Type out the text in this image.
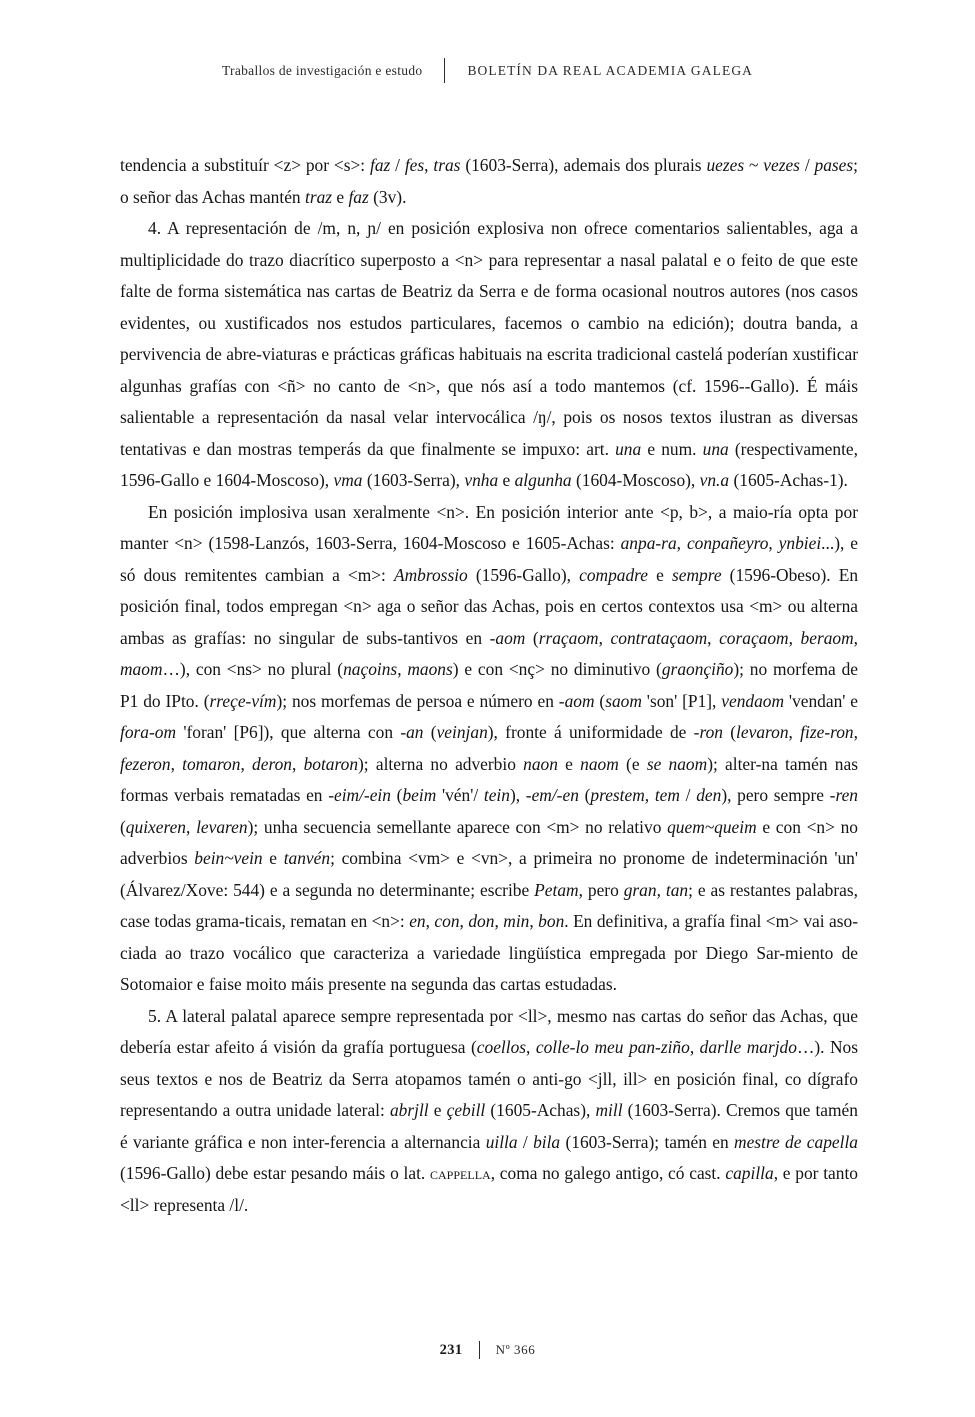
Traballos de investigación e estudo	BOLETÍN DA REAL ACADEMIA GALEGA

tendencia a substituír <z> por <s>: faz / fes, tras (1603-Serra), ademais dos plurais uezes ~ vezes / pases; o señor das Achas mantén traz e faz (3v).

4. A representación de /m, n, ɲ/ en posición explosiva non ofrece comentarios salientables, aga a multiplicidade do trazo diacrítico superposto a <n> para representar a nasal palatal e o feito de que este falte de forma sistemática nas cartas de Beatriz da Serra e de forma ocasional noutros autores (nos casos evidentes, ou xustificados nos estudos particulares, facemos o cambio na edición); doutra banda, a pervivencia de abre-viaturas e prácticas gráficas habituais na escrita tradicional castelá poderían xustificar algunhas grafías con <ñ> no canto de <n>, que nós así a todo mantemos (cf. 1596--Gallo). É máis salientable a representación da nasal velar intervocálica /ŋ/, pois os nosos textos ilustran as diversas tentativas e dan mostras temperás da que finalmente se impuxo: art. una e num. una (respectivamente, 1596-Gallo e 1604-Moscoso), vma (1603-Serra), vnha e algunha (1604-Moscoso), vn.a (1605-Achas-1).

En posición implosiva usan xeralmente <n>. En posición interior ante <p, b>, a maio-ría opta por manter <n> (1598-Lanzós, 1603-Serra, 1604-Moscoso e 1605-Achas: anpa-ra, conpañeyro, ynbiei...), e só dous remitentes cambian a <m>: Ambrossio (1596-Gallo), compadre e sempre (1596-Obeso). En posición final, todos empregan <n> aga o señor das Achas, pois en certos contextos usa <m> ou alterna ambas as grafías: no singular de subs-tantivos en -aom (rraçaom, contrataçaom, coraçaom, beraom, maom…), con <ns> no plural (naçoins, maons) e con <nç> no diminutivo (graonçiño); no morfema de P1 do IPto. (rreçe-vím); nos morfemas de persoa e número en -aom (saom 'son' [P1], vendaom 'vendan' e fora-om 'foran' [P6]), que alterna con -an (veinjan), fronte á uniformidade de -ron (levaron, fize-ron, fezeron, tomaron, deron, botaron); alterna no adverbio naon e naom (e se naom); alter-na tamén nas formas verbais rematadas en -eim/-ein (beim 'vén'/ tein), -em/-en (prestem, tem / den), pero sempre -ren (quixeren, levaren); unha secuencia semellante aparece con <m> no relativo quem~queim e con <n> no adverbios bein~vein e tanvén; combina <vm> e <vn>, a primeira no pronome de indeterminación 'un' (Álvarez/Xove: 544) e a segunda no determinante; escribe Petam, pero gran, tan; e as restantes palabras, case todas grama-ticais, rematan en <n>: en, con, don, min, bon. En definitiva, a grafía final <m> vai aso-ciada ao trazo vocálico que caracteriza a variedade lingüística empregada por Diego Sar-miento de Sotomaior e faise moito máis presente na segunda das cartas estudadas.

5. A lateral palatal aparece sempre representada por <ll>, mesmo nas cartas do señor das Achas, que debería estar afeito á visión da grafía portuguesa (coellos, colle-lo meu pan-ziño, darlle marjdo…). Nos seus textos e nos de Beatriz da Serra atopamos tamén o anti-go <jll, ill> en posición final, co dígrafo representando a outra unidade lateral: abrjll e çebill (1605-Achas), mill (1603-Serra). Cremos que tamén é variante gráfica e non inter-ferencia a alternancia uilla / bila (1603-Serra); tamén en mestre de capella (1596-Gallo) debe estar pesando máis o lat. cappella, coma no galego antigo, có cast. capilla, e por tanto <ll> representa /l/.

231	Nº 366
